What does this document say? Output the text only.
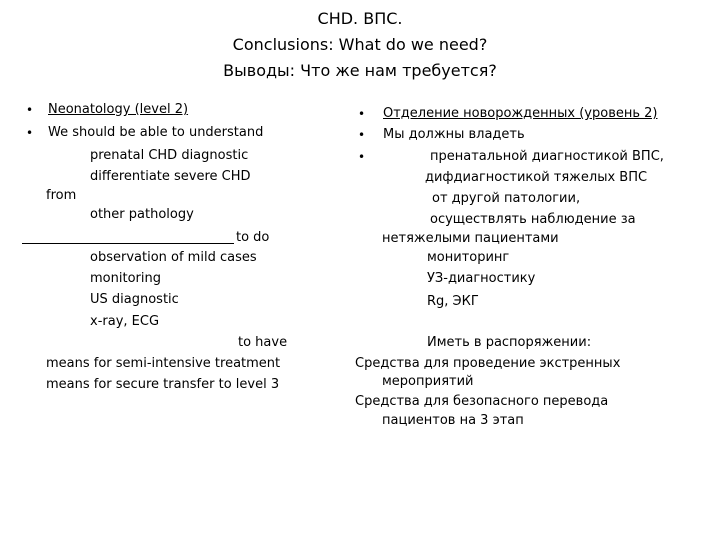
CHD. ВПС.
Conclusions: What do we need?
Выводы: Что же нам требуется?
• Neonatology (level 2)
• We should be able to understand
prenatal CHD diagnostic
differentiate severe CHD
from
other pathology
to do
observation of mild cases
monitoring
US diagnostic
x-ray, ECG
to have
means for semi-intensive treatment
means for secure transfer to level 3
• Отделение новорожденных (уровень 2)
• Мы должны владеть
•	пренатальной диагностикой ВПС,
дифдиагностикой тяжелых ВПС
от другой патологии,
осуществлять наблюдение за
нетяжелыми пациентами
мониторинг
УЗ-диагностику
Rg, ЭКГ
Иметь в распоряжении:
Средства для проведение экстренных
мероприятий
Средства для безопасного перевода
пациентов на 3 этап
